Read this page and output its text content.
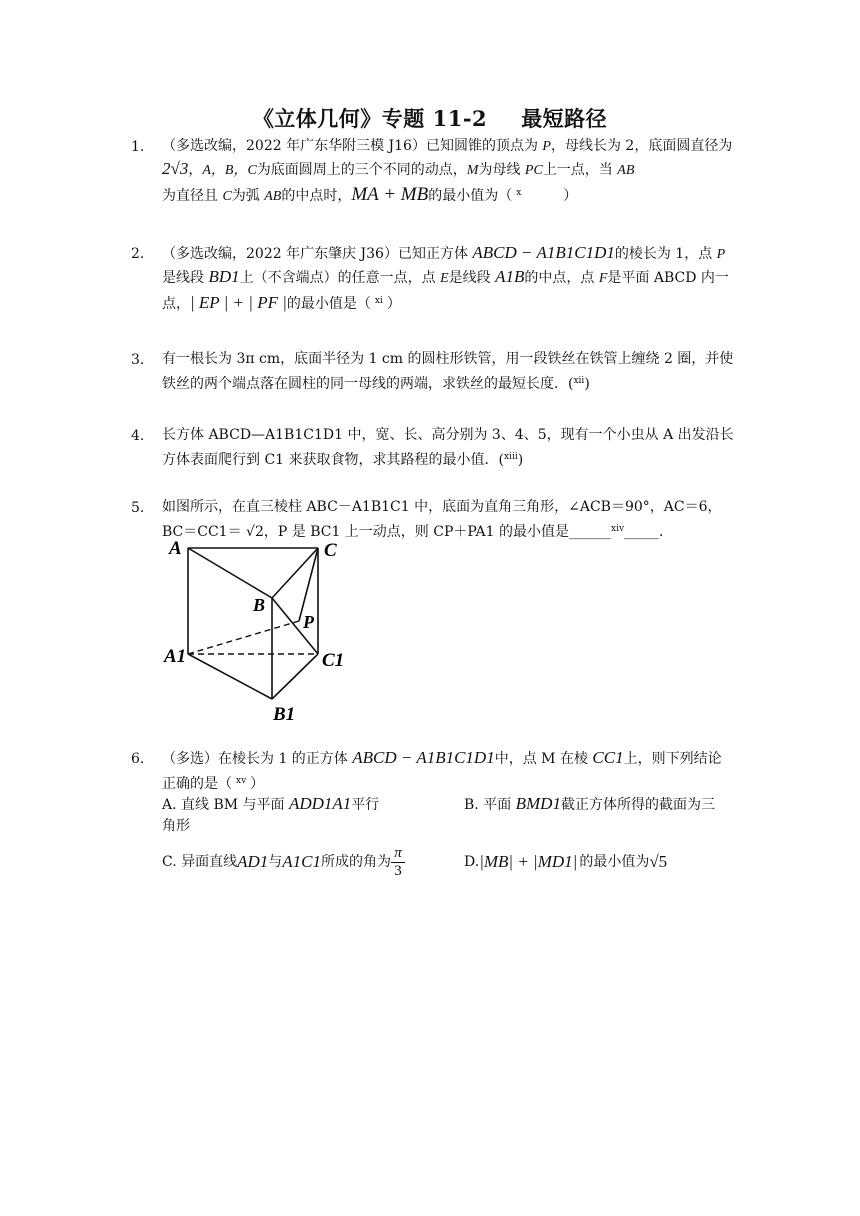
《立体几何》专题 11-2 最短路径
1. （多选改编，2022 年广东华附三模 J16）已知圆锥的顶点为 P，母线长为 2，底面圆直径为 2√3，A，B，C为底面圆周上的三个不同的动点，M为母线 PC上一点，当 AB
为直径且 C为弧 AB的中点时，MA + MB的最小值为（ $^x$	）
2. （多选改编，2022 年广东肇庆 J36）已知正方体 ABCD − A1B1C1D1的棱长为 1，点 P
是线段 BD1上（不含端点）的任意一点，点 E是线段 A1B的中点，点 F是平面 ABCD 内一点，| EP | + | PF |的最小值是（ $^{xi}$ ）
3. 有一根长为 3π cm，底面半径为 1 cm 的圆柱形铁管，用一段铁丝在铁管上缠绕 2 圈，并使铁丝的两个端点落在圆柱的同一母线的两端，求铁丝的最短长度．($^{xii}$)
4. 长方体 ABCD—A1B1C1D1 中，宽、长、高分别为 3、4、5，现有一个小虫从 A 出发沿长方体表面爬行到 C1 来获取食物，求其路程的最小值．($^{xiii}$)
5. 如图所示，在直三棱柱 ABC－A1B1C1 中，底面为直角三角形，∠ACB＝90°，AC＝6，BC＝CC1＝ √2，P 是 BC1 上一动点，则 CP＋PA1 的最小值是______$^{xiv}$_____．
A	C
B
P
A1	C1
B1
6. （多选）在棱长为 1 的正方体 ABCD − A1B1C1D1中，点 M 在棱 CC1上，则下列结论正确的是（ $^{xv}$ ）
A. 直线 BM 与平面 ADD1A1平行	B. 平面 BMD1截正方体所得的截面为三
角形
C. 异面直线 AD1 与 A1C1 所成的角为 $\frac{\pi}{3}$	D. |MB| + |MD1| 的最小值为 √5
